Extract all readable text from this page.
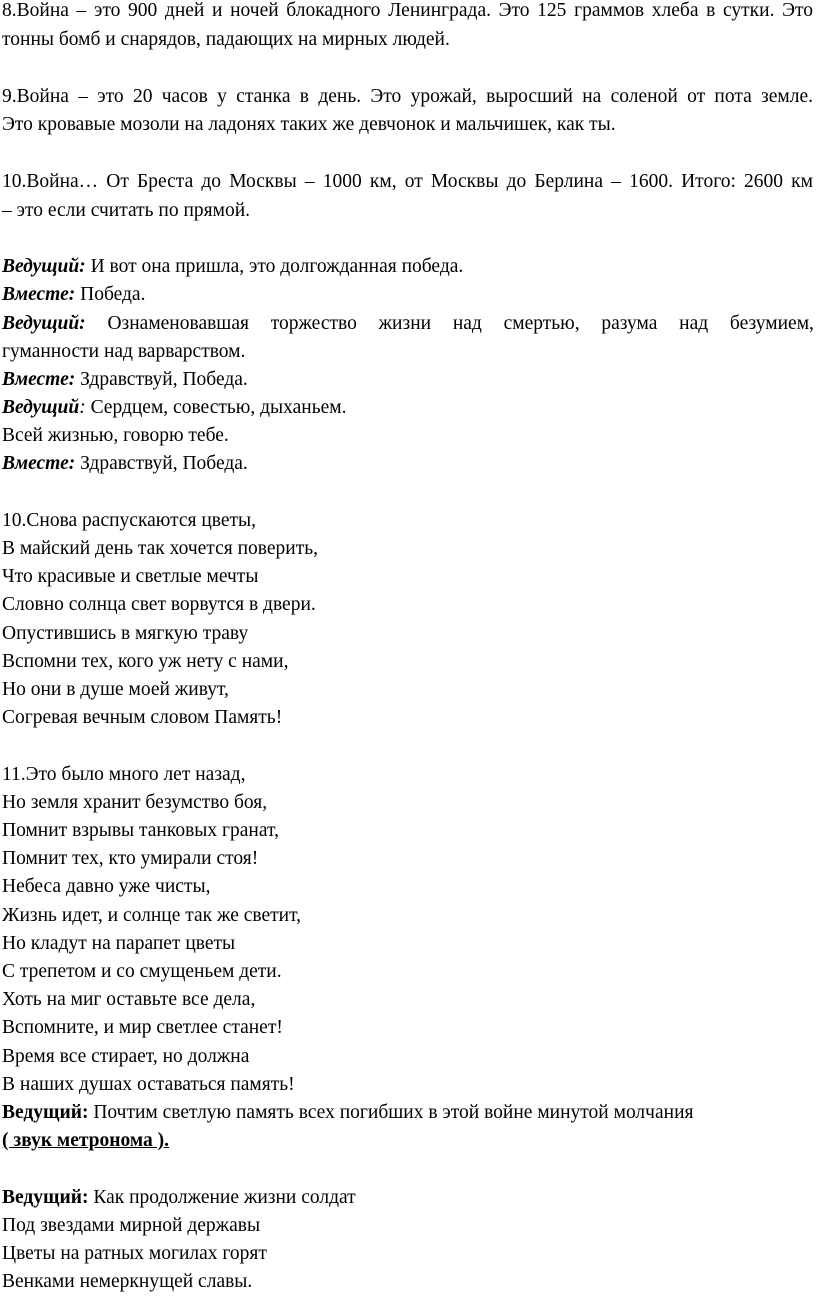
8.Война – это 900 дней и ночей блокадного Ленинграда. Это 125 граммов хлеба в сутки. Это
тонны бомб и снарядов, падающих на мирных людей.
9.Война – это 20 часов у станка в день. Это урожай, выросший на соленой от пота земле.
Это кровавые мозоли на ладонях таких же девчонок и мальчишек, как ты.
10.Война… От Бреста до Москвы – 1000 км, от Москвы до Берлина – 1600. Итого: 2600 км
– это если считать по прямой.
Ведущий: И вот она пришла, это долгожданная победа.
Вместе: Победа.
Ведущий: Ознаменовавшая торжество жизни над смертью, разума над безумием,
гуманности над варварством.
Вместе: Здравствуй, Победа.
Ведущий: Сердцем, совестью, дыханьем.
Всей жизнью, говорю тебе.
Вместе: Здравствуй, Победа.
10.Снова распускаются цветы,
В майский день так хочется поверить,
Что красивые и светлые мечты
Словно солнца свет ворвутся в двери.
Опустившись в мягкую траву
Вспомни тех, кого уж нету с нами,
Но они в душе моей живут,
Согревая вечным словом Память!
11.Это было много лет назад,
Но земля хранит безумство боя,
Помнит взрывы танковых гранат,
Помнит тех, кто умирали стоя!
Небеса давно уже чисты,
Жизнь идет, и солнце так же светит,
Но кладут на парапет цветы
С трепетом и со смущеньем дети.
Хоть на миг оставьте все дела,
Вспомните, и мир светлее станет!
Время все стирает, но должна
В наших душах оставаться память!
Ведущий: Почтим светлую память всех погибших в этой войне минутой молчания
( звук метронома ).
Ведущий: Как продолжение жизни солдат
Под звездами мирной державы
Цветы на ратных могилах горят
Венками немеркнущей славы.
